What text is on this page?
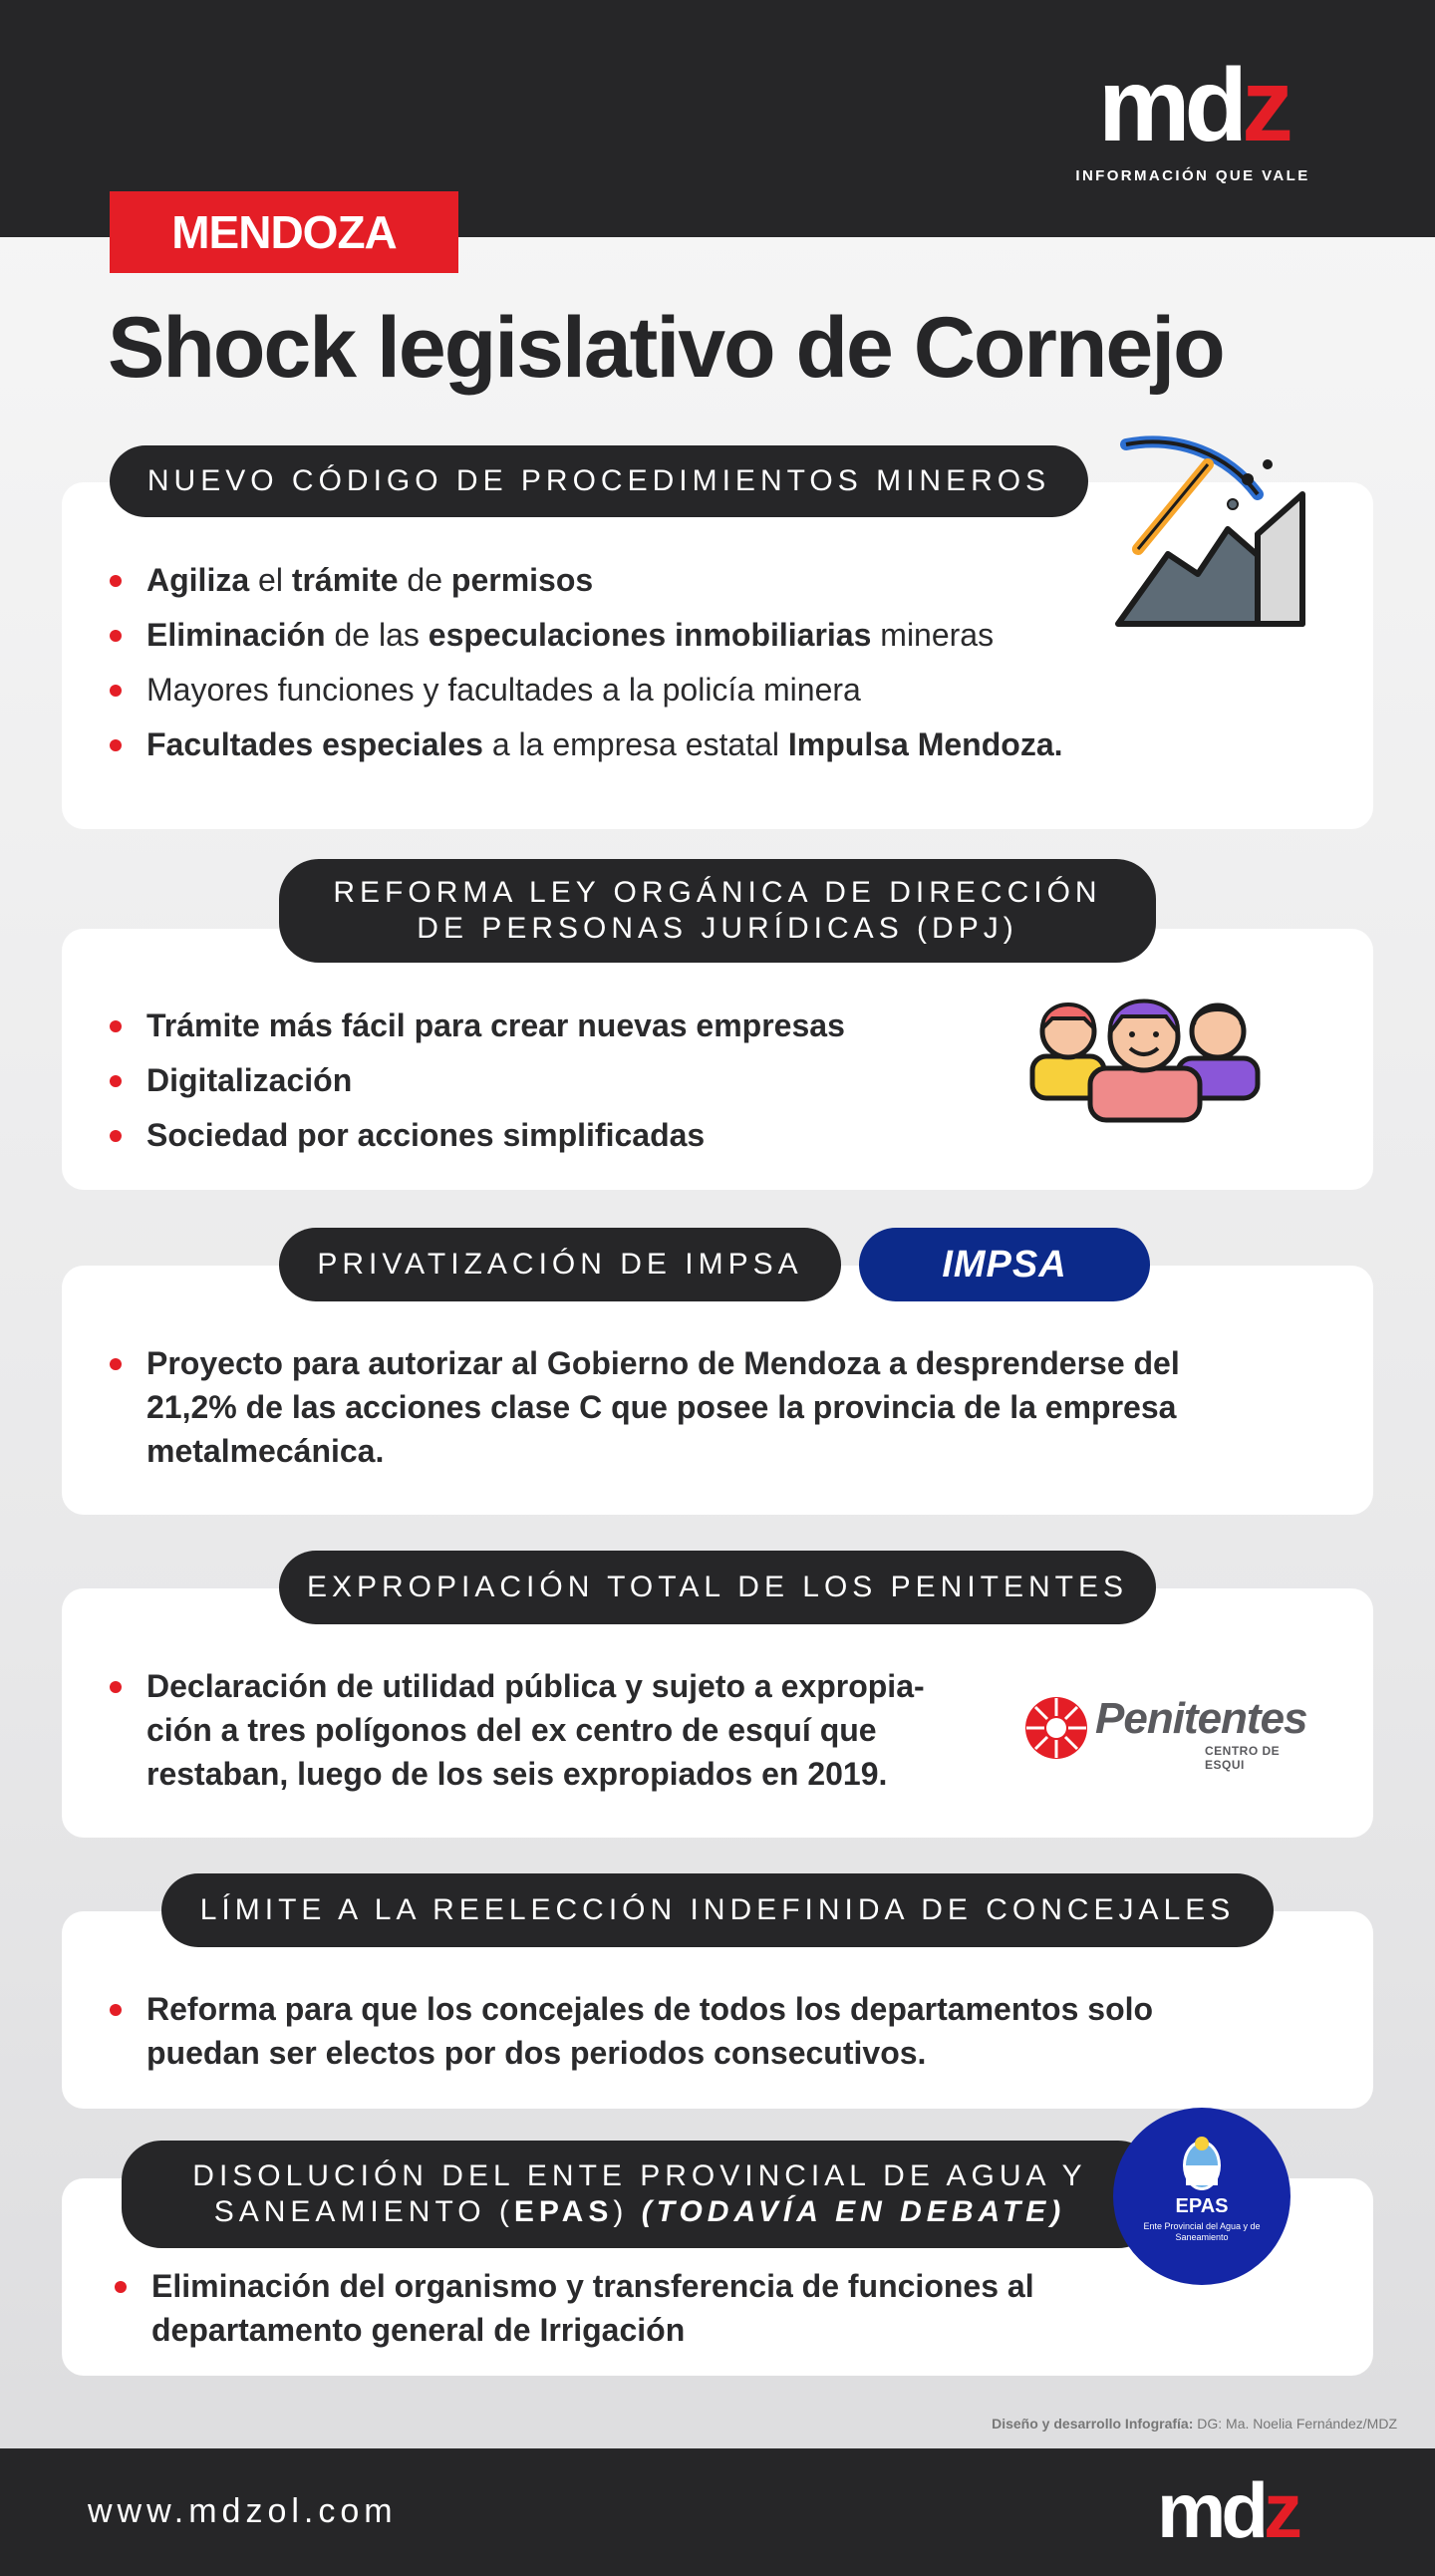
mdz
INFORMACIÓN QUE VALE
MENDOZA
Shock legislativo de Cornejo
NUEVO CÓDIGO DE PROCEDIMIENTOS MINEROS
Agiliza el trámite de permisos
Eliminación de las especulaciones inmobiliarias mineras
Mayores funciones y facultades a la policía minera
Facultades especiales a la empresa estatal Impulsa Mendoza.
REFORMA LEY ORGÁNICA DE DIRECCIÓN
DE PERSONAS JURÍDICAS (DPJ)
Trámite más fácil para crear nuevas empresas
Digitalización
Sociedad por acciones simplificadas
PRIVATIZACIÓN DE IMPSA	IMPSA
Proyecto para autorizar al Gobierno de Mendoza a desprenderse del
21,2% de las acciones clase C que posee la provincia de la empresa
metalmecánica.
EXPROPIACIÓN TOTAL DE LOS PENITENTES
Declaración de utilidad pública y sujeto a expropia-
ción a tres polígonos del ex centro de esquí que
restaban, luego de los seis expropiados en 2019.
Penitentes
CENTRO DE ESQUI
LÍMITE A LA REELECCIÓN INDEFINIDA DE CONCEJALES
Reforma para que los concejales de todos los departamentos solo
puedan ser electos por dos periodos consecutivos.
DISOLUCIÓN DEL ENTE PROVINCIAL DE AGUA Y
SANEAMIENTO (EPAS) (TODAVÍA EN DEBATE)	EPAS
Ente Provincial del Agua y de Saneamiento
Eliminación del organismo y transferencia de funciones al
departamento general de Irrigación
Diseño y desarrollo Infografía: DG: Ma. Noelia Fernández/MDZ
www.mdzol.com	mdz
